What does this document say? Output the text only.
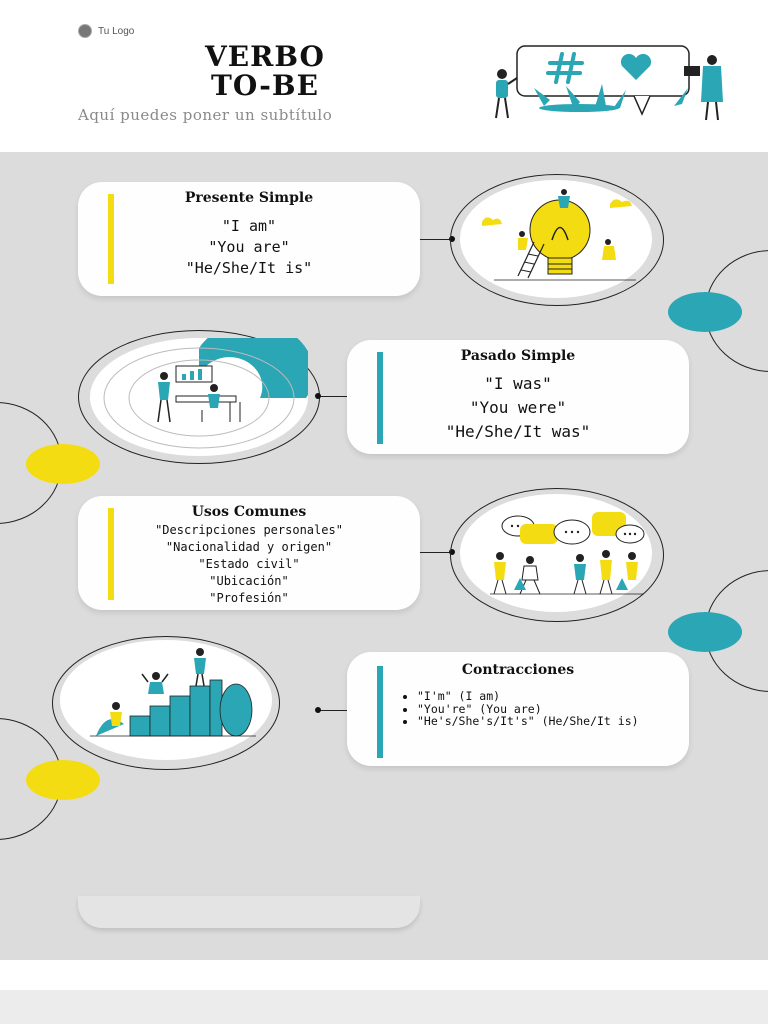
Tu Logo
VERBO
TO-BE
Aquí puedes poner un subtítulo
Presente Simple
"I am"
"You are"
"He/She/It is"
Pasado Simple
"I was"
"You were"
"He/She/It was"
Usos Comunes
"Descripciones personales"
"Nacionalidad y origen"
"Estado civil"
"Ubicación"
"Profesión"
Contracciones
• "I'm" (I am)
• "You're" (You are)
• "He's/She's/It's" (He/She/It is)
